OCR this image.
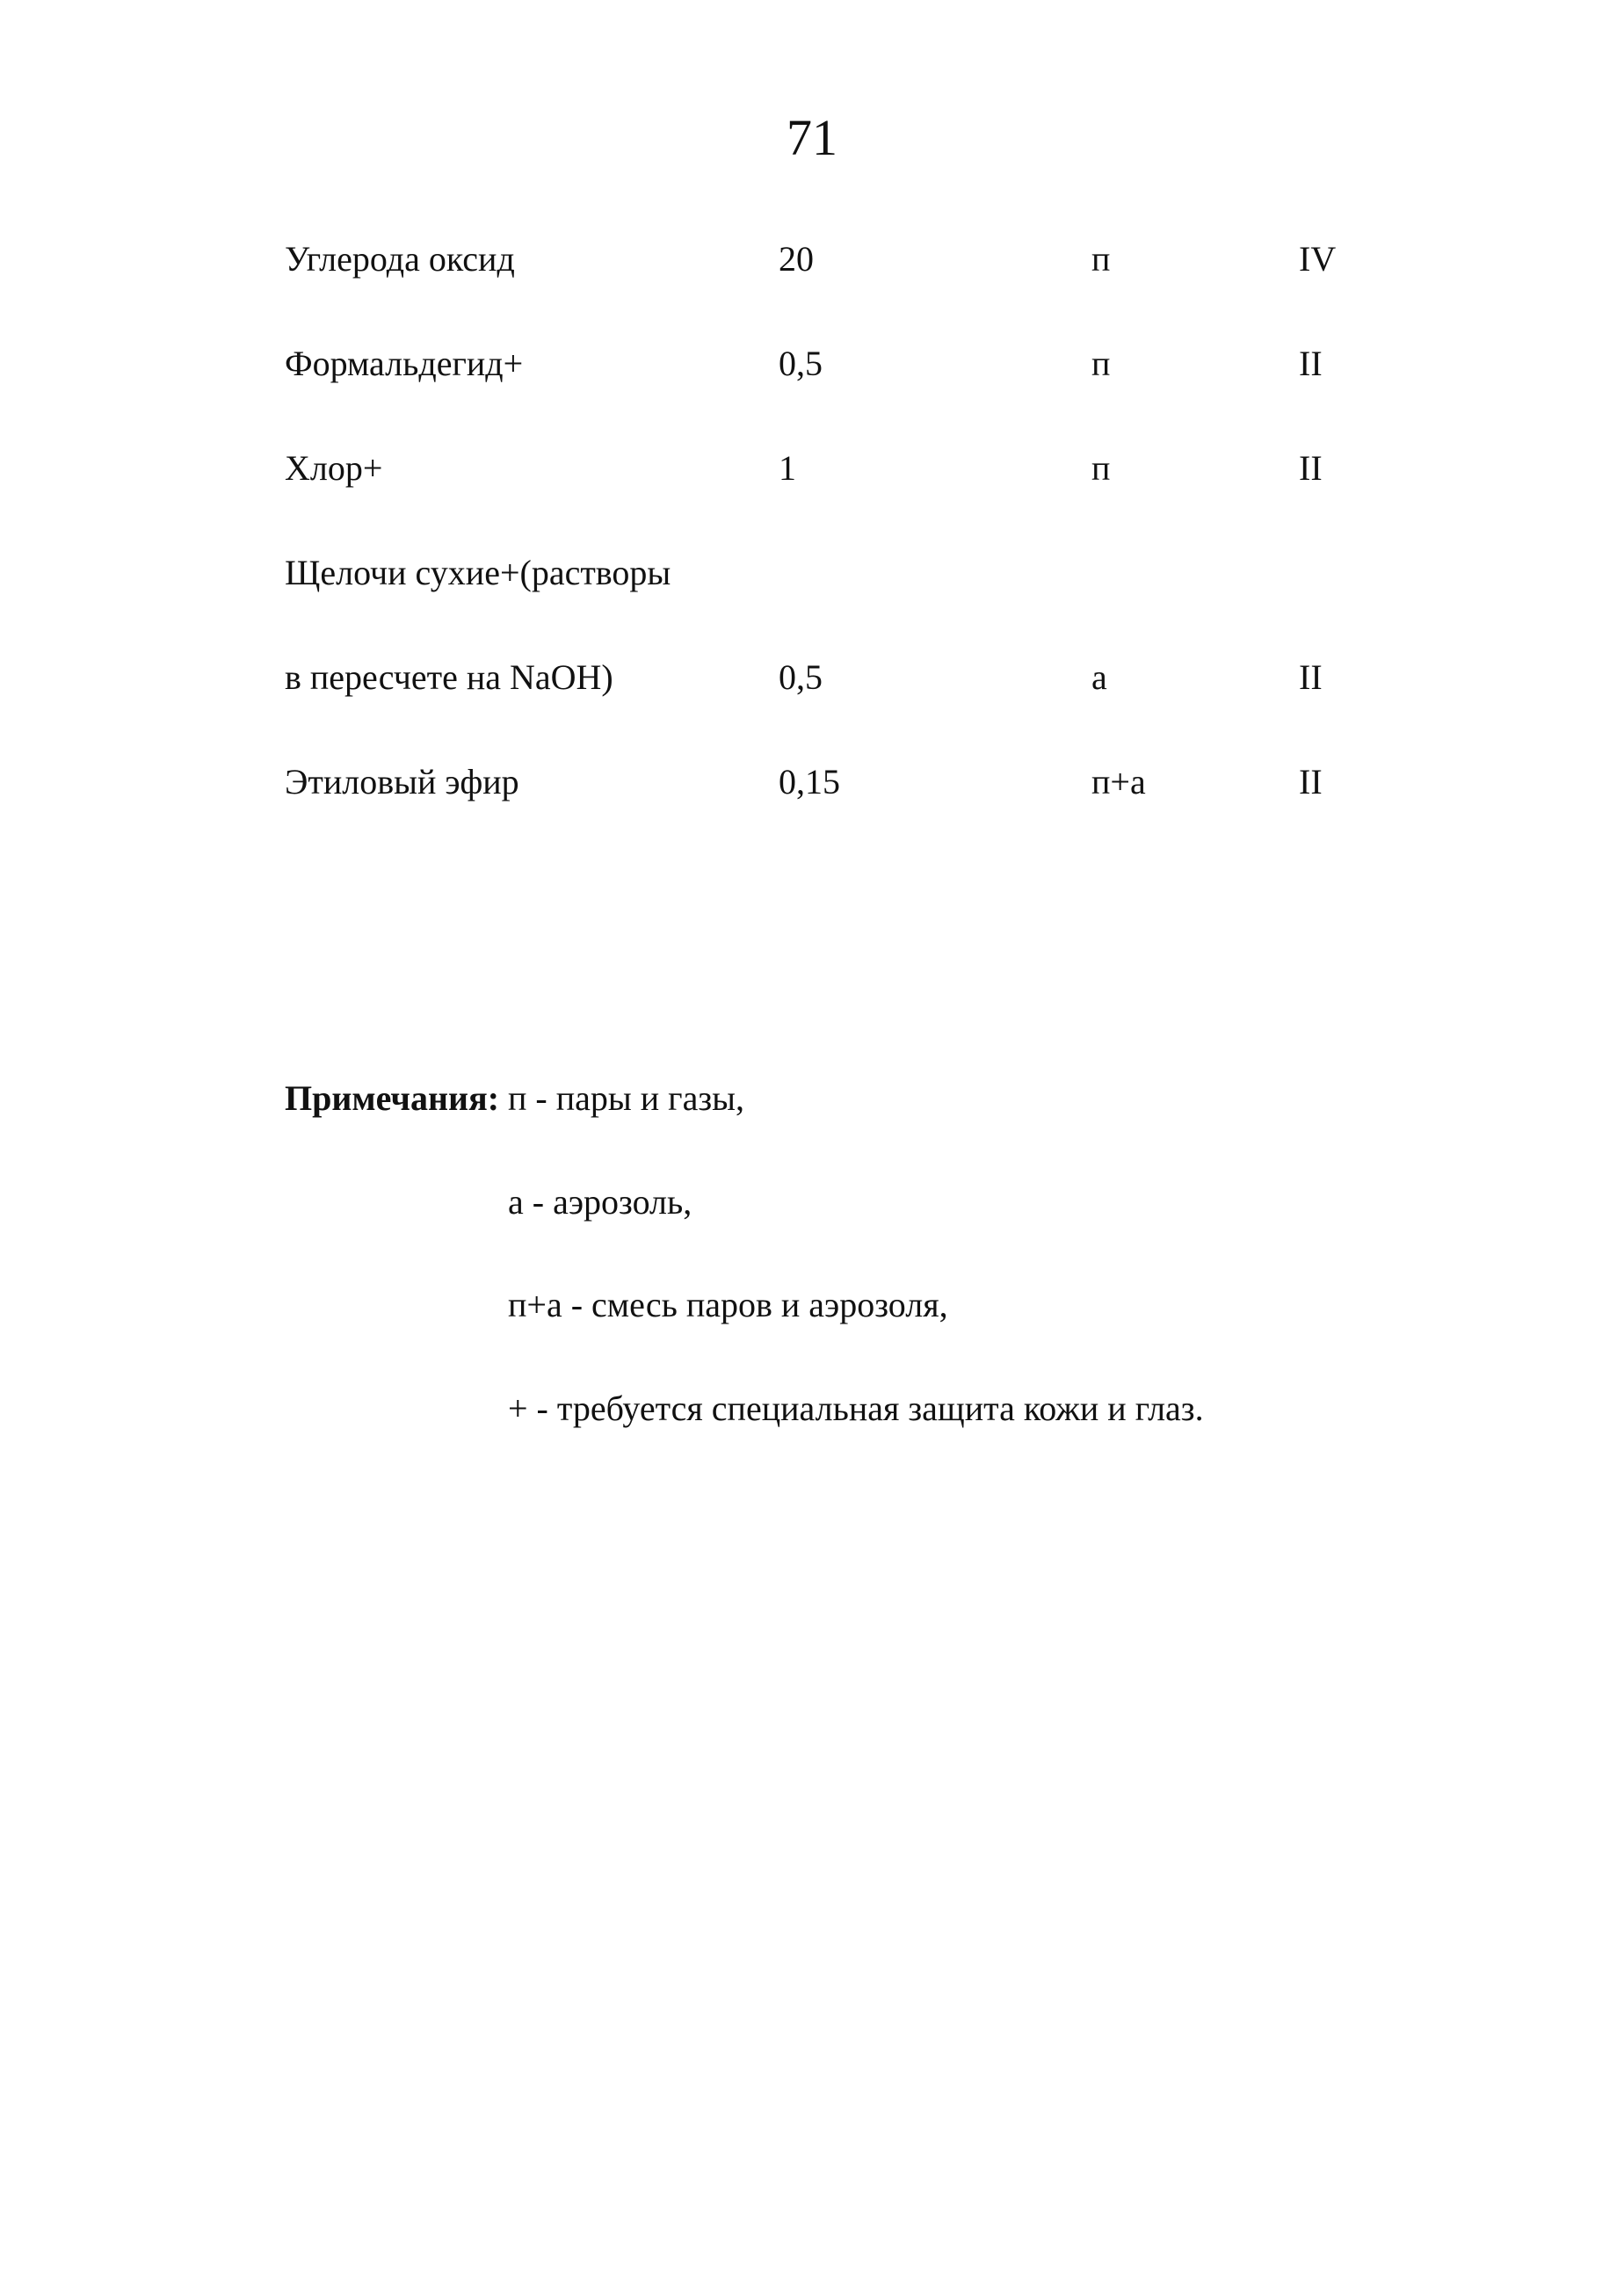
71
Углерода оксид	20	п	IV
Формальдегид+	0,5	п	II
Хлор+	1	п	II
Щелочи сухие+(растворы
в пересчете на NaOH)	0,5	а	II
Этиловый эфир	0,15	п+а	II
Примечания: п - пары и газы,
а - аэрозоль,
п+а - смесь паров и аэрозоля,
+ - требуется специальная защита кожи и глаз.
